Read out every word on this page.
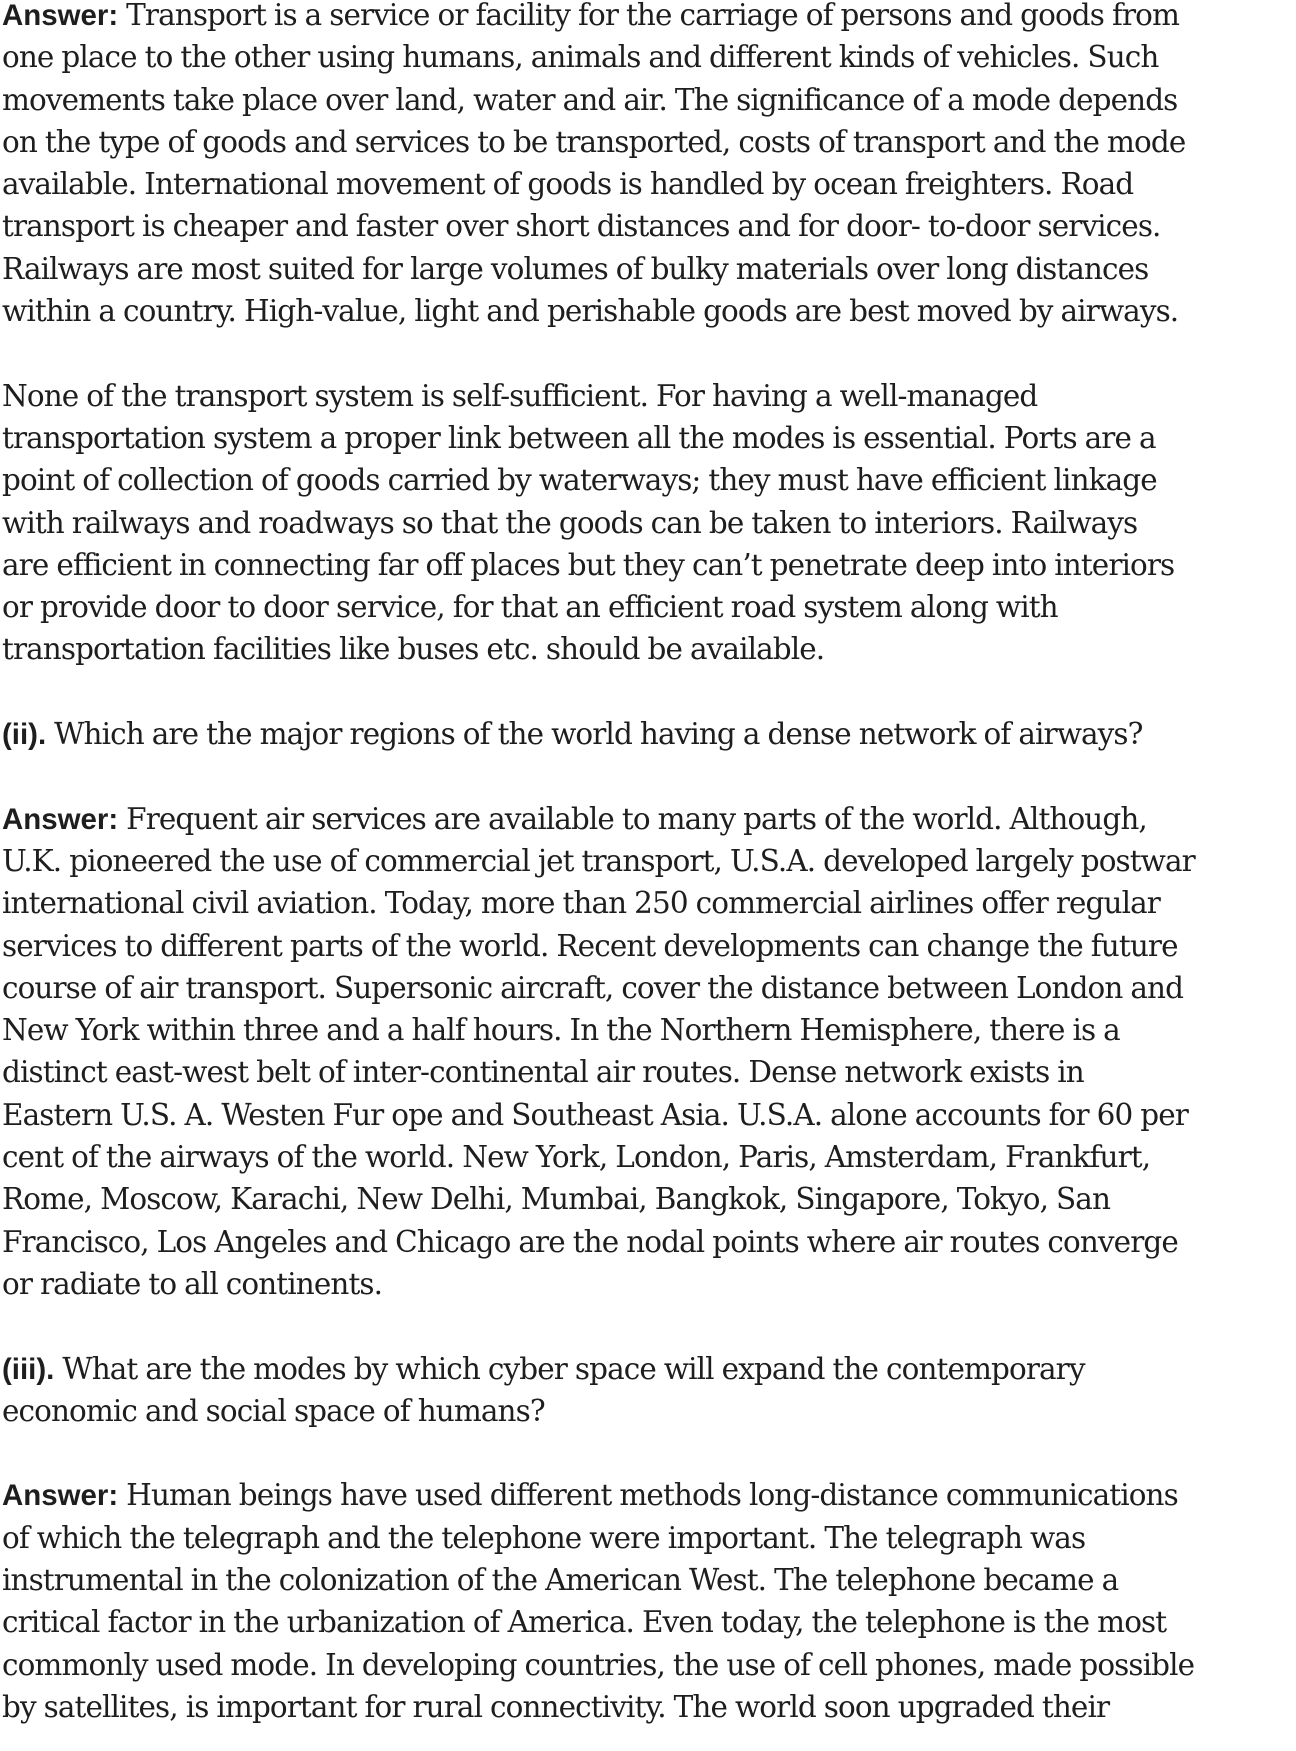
Answer: Transport is a service or facility for the carriage of persons and goods from
one place to the other using humans, animals and different kinds of vehicles. Such
movements take place over land, water and air. The significance of a mode depends
on the type of goods and services to be transported, costs of transport and the mode
available. International movement of goods is handled by ocean freighters. Road
transport is cheaper and faster over short distances and for door- to-door services.
Railways are most suited for large volumes of bulky materials over long distances
within a country. High-value, light and perishable goods are best moved by airways.
None of the transport system is self-sufficient. For having a well-managed
transportation system a proper link between all the modes is essential. Ports are a
point of collection of goods carried by waterways; they must have efficient linkage
with railways and roadways so that the goods can be taken to interiors. Railways
are efficient in connecting far off places but they can’t penetrate deep into interiors
or provide door to door service, for that an efficient road system along with
transportation facilities like buses etc. should be available.
(ii). Which are the major regions of the world having a dense network of airways?
Answer: Frequent air services are available to many parts of the world. Although,
U.K. pioneered the use of commercial jet transport, U.S.A. developed largely postwar
international civil aviation. Today, more than 250 commercial airlines offer regular
services to different parts of the world. Recent developments can change the future
course of air transport. Supersonic aircraft, cover the distance between London and
New York within three and a half hours. In the Northern Hemisphere, there is a
distinct east-west belt of inter-continental air routes. Dense network exists in
Eastern U.S. A. Westen Fur ope and Southeast Asia. U.S.A. alone accounts for 60 per
cent of the airways of the world. New York, London, Paris, Amsterdam, Frankfurt,
Rome, Moscow, Karachi, New Delhi, Mumbai, Bangkok, Singapore, Tokyo, San
Francisco, Los Angeles and Chicago are the nodal points where air routes converge
or radiate to all continents.
(iii). What are the modes by which cyber space will expand the contemporary
economic and social space of humans?
Answer: Human beings have used different methods long-distance communications
of which the telegraph and the telephone were important. The telegraph was
instrumental in the colonization of the American West. The telephone became a
critical factor in the urbanization of America. Even today, the telephone is the most
commonly used mode. In developing countries, the use of cell phones, made possible
by satellites, is important for rural connectivity. The world soon upgraded their
